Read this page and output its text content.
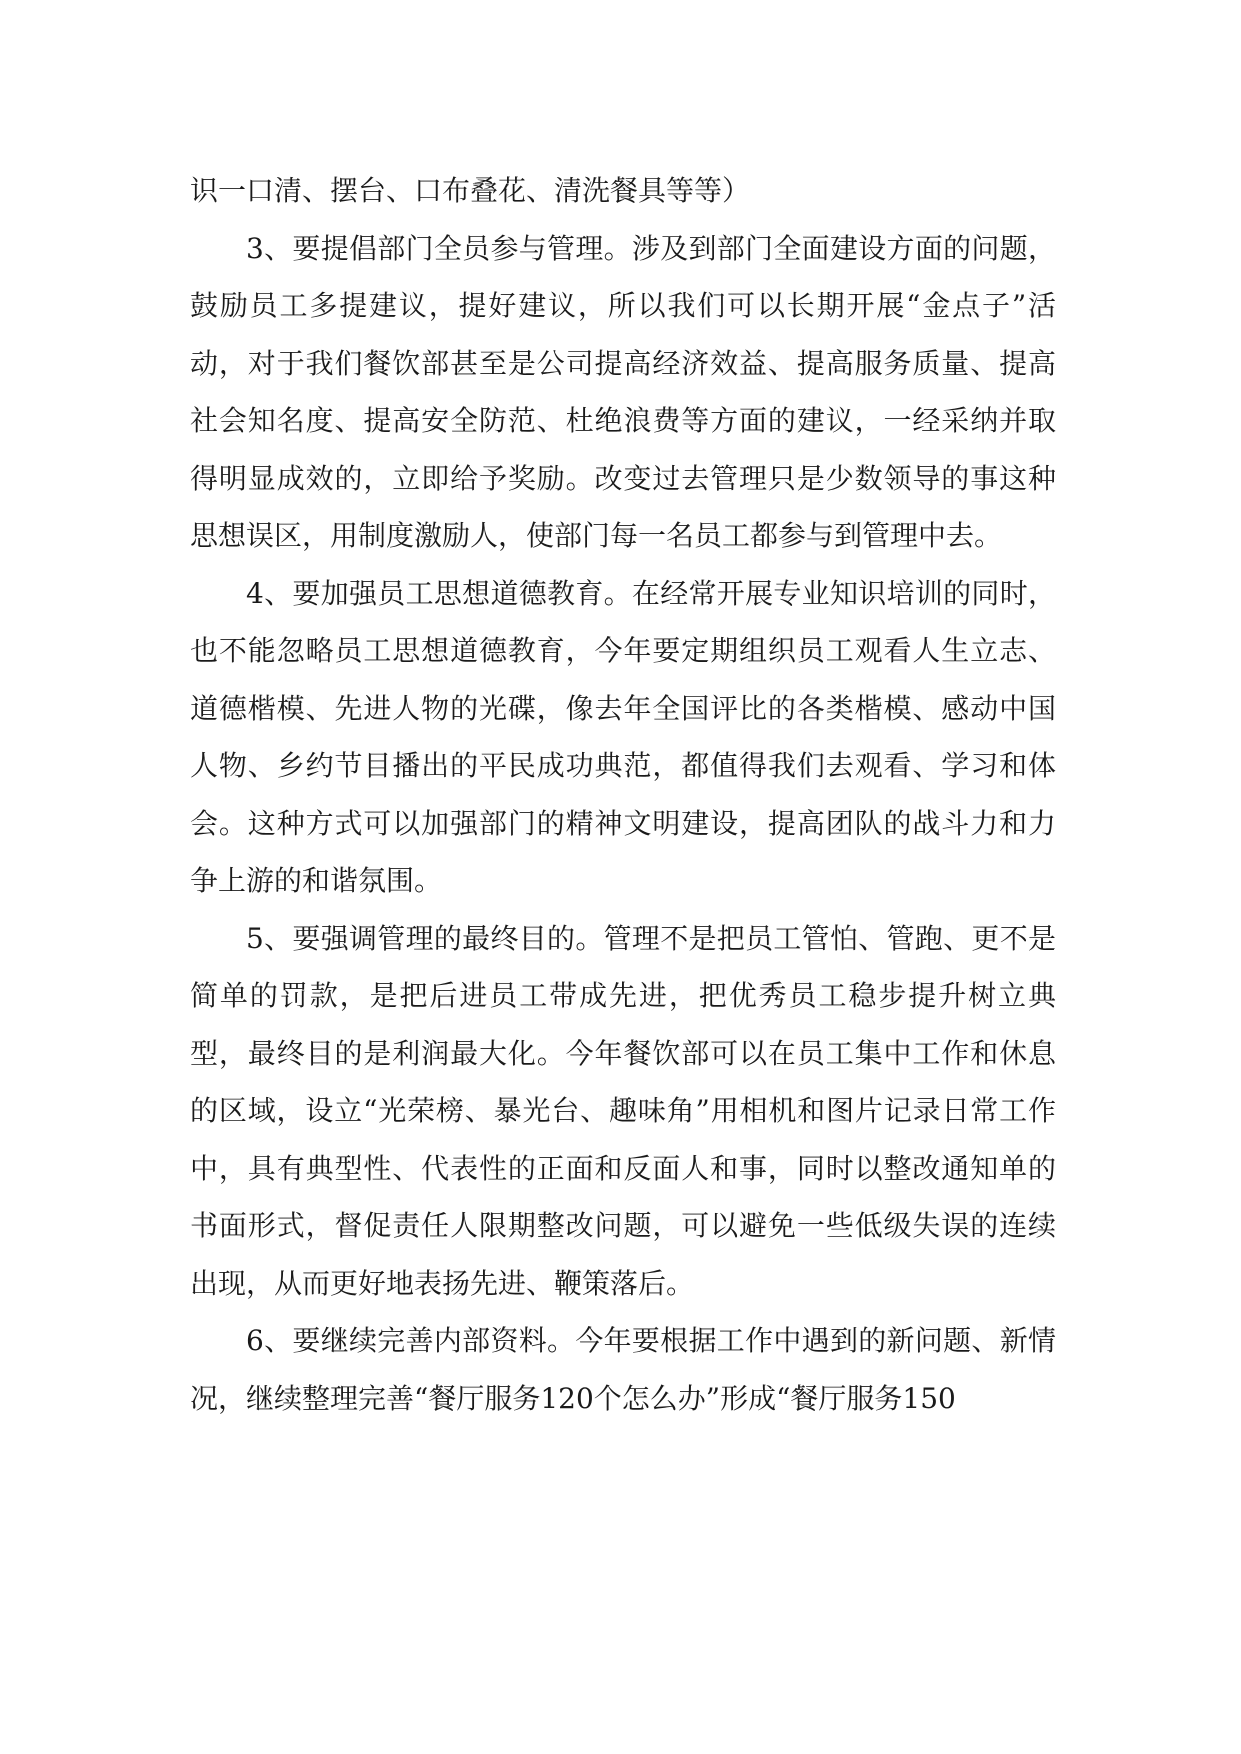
识一口清、摆台、口布叠花、清洗餐具等等）

3、要提倡部门全员参与管理。涉及到部门全面建设方面的问题，鼓励员工多提建议，提好建议，所以我们可以长期开展“金点子”活动，对于我们餐饮部甚至是公司提高经济效益、提高服务质量、提高社会知名度、提高安全防范、杜绝浪费等方面的建议，一经采纳并取得明显成效的，立即给予奖励。改变过去管理只是少数领导的事这种思想误区，用制度激励人，使部门每一名员工都参与到管理中去。

4、要加强员工思想道德教育。在经常开展专业知识培训的同时，也不能忽略员工思想道德教育，今年要定期组织员工观看人生立志、道德楷模、先进人物的光碟，像去年全国评比的各类楷模、感动中国人物、乡约节目播出的平民成功典范，都值得我们去观看、学习和体会。这种方式可以加强部门的精神文明建设，提高团队的战斗力和力争上游的和谐氛围。

5、要强调管理的最终目的。管理不是把员工管怕、管跑、更不是简单的罚款，是把后进员工带成先进，把优秀员工稳步提升树立典型，最终目的是利润最大化。今年餐饮部可以在员工集中工作和休息的区域，设立“光荣榜、暴光台、趣味角”用相机和图片记录日常工作中，具有典型性、代表性的正面和反面人和事，同时以整改通知单的书面形式，督促责任人限期整改问题，可以避免一些低级失误的连续出现，从而更好地表扬先进、鞭策落后。

6、要继续完善内部资料。今年要根据工作中遇到的新问题、新情况，继续整理完善“餐厅服务120个怎么办”形成“餐厅服务150
